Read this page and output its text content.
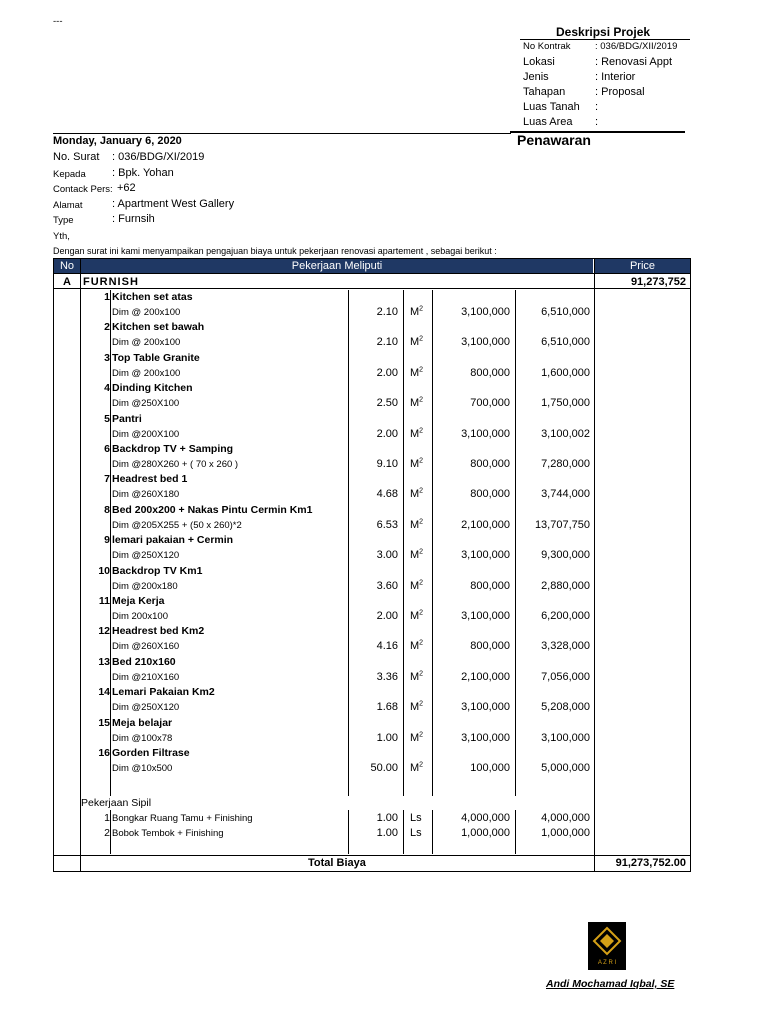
---
Deskripsi Projek
No Kontrak	: 036/BDG/XII/2019
Lokasi	: Renovasi Appt
Jenis	: Interior
Tahapan	: Proposal
Luas Tanah :
Luas Area :
Monday, January 6, 2020	Penawaran
No. Surat : 036/BDG/XI/2019
Kepada : Bpk. Yohan
Contack Pers: +62
Alamat	: Apartment West Gallery
Type	: Furnsih
Yth,
Dengan surat ini kami menyampaikan pengajuan biaya untuk pekerjaan renovasi apartement , sebagai berikut :
No	Pekerjaan Meliputi	Price
A FURNISH	91,273,752
1 Kitchen set atas
Dim @ 200x100	2.10 $M^2$	3,100,000	6,510,000
2 Kitchen set bawah
Dim @ 200x100	2.10 $M^2$	3,100,000	6,510,000
3 Top Table Granite
Dim @ 200x100	2.00 $M^2$	800,000	1,600,000
4 Dinding Kitchen
Dim @250X100	2.50 $M^2$	700,000	1,750,000
5 Pantri
Dim @200X100	2.00 $M^2$	3,100,000	3,100,002
6 Backdrop TV + Samping
Dim @280X260 + ( 70 x 260 )	9.10 $M^2$	800,000	7,280,000
7 Headrest bed 1
Dim @260X180	4.68 $M^2$	800,000	3,744,000
8 Bed 200x200 + Nakas Pintu Cermin Km1
Dim @205X255 + (50 x 260)*2	6.53 $M^2$	2,100,000	13,707,750
9 lemari pakaian + Cermin
Dim @250X120	3.00 $M^2$	3,100,000	9,300,000
10 Backdrop TV Km1
Dim @200x180	3.60 $M^2$	800,000	2,880,000
11 Meja Kerja
Dim 200x100	2.00 $M^2$	3,100,000	6,200,000
12 Headrest bed Km2
Dim @260X160	4.16 $M^2$	800,000	3,328,000
13 Bed 210x160
Dim @210X160	3.36 $M^2$	2,100,000	7,056,000
14 Lemari Pakaian Km2
Dim @250X120	1.68 $M^2$	3,100,000	5,208,000
15 Meja belajar
Dim @100x78	1.00 $M^2$	3,100,000	3,100,000
16 Gorden Filtrase
Dim @10x500	50.00 $M^2$	100,000	5,000,000
Pekerjaan Sipil
1 Bongkar Ruang Tamu + Finishing	1.00 Ls	4,000,000	4,000,000
2 Bobok Tembok + Finishing	1.00 Ls	1,000,000	1,000,000
Total Biaya	91,273,752.00
A Z R I
Andi Mochamad Iqbal, SE
